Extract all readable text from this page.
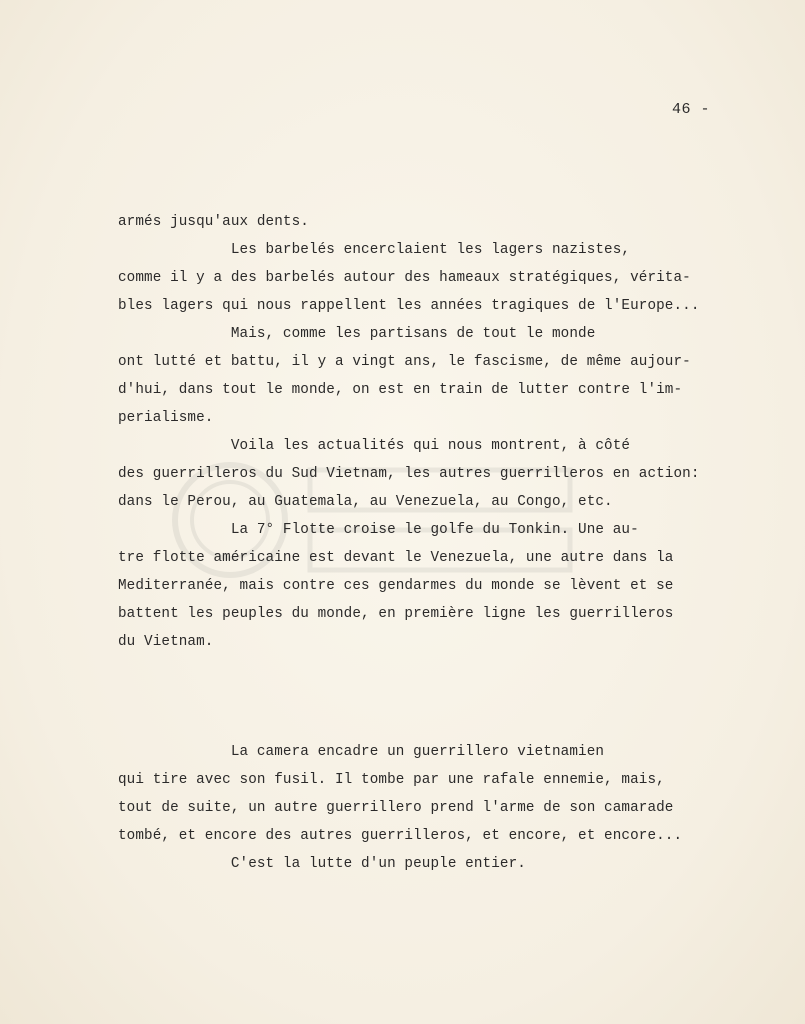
46 -
armés jusqu'aux dents.
Les barbelés encerclaient les lagers nazistes,
comme il y a des barbelés autour des hameaux stratégiques, vérita-
bles lagers qui nous rappellent les années tragiques de l'Europe...
Mais, comme les partisans de tout le monde
ont lutté et battu, il y a vingt ans, le fascisme, de même aujour-
d'hui, dans tout le monde, on est en train de lutter contre l'im-
perialisme.
Voila les actualités qui nous montrent, à côté
des guerrilleros du Sud Vietnam, les autres guerrilleros en action:
dans le Perou, au Guatemala, au Venezuela, au Congo, etc.
La 7° Flotte croise le golfe du Tonkin. Une au-
tre flotte américaine est devant le Venezuela, une autre dans la
Mediterranée, mais contre ces gendarmes du monde se lèvent et se
battent les peuples du monde, en première ligne les guerrilleros
du Vietnam.
La camera encadre un guerrillero vietnamien
qui tire avec son fusil. Il tombe par une rafale ennemie, mais,
tout de suite, un autre guerrillero prend l'arme de son camarade
tombé, et encore des autres guerrilleros, et encore, et encore...
C'est la lutte d'un peuple entier.
